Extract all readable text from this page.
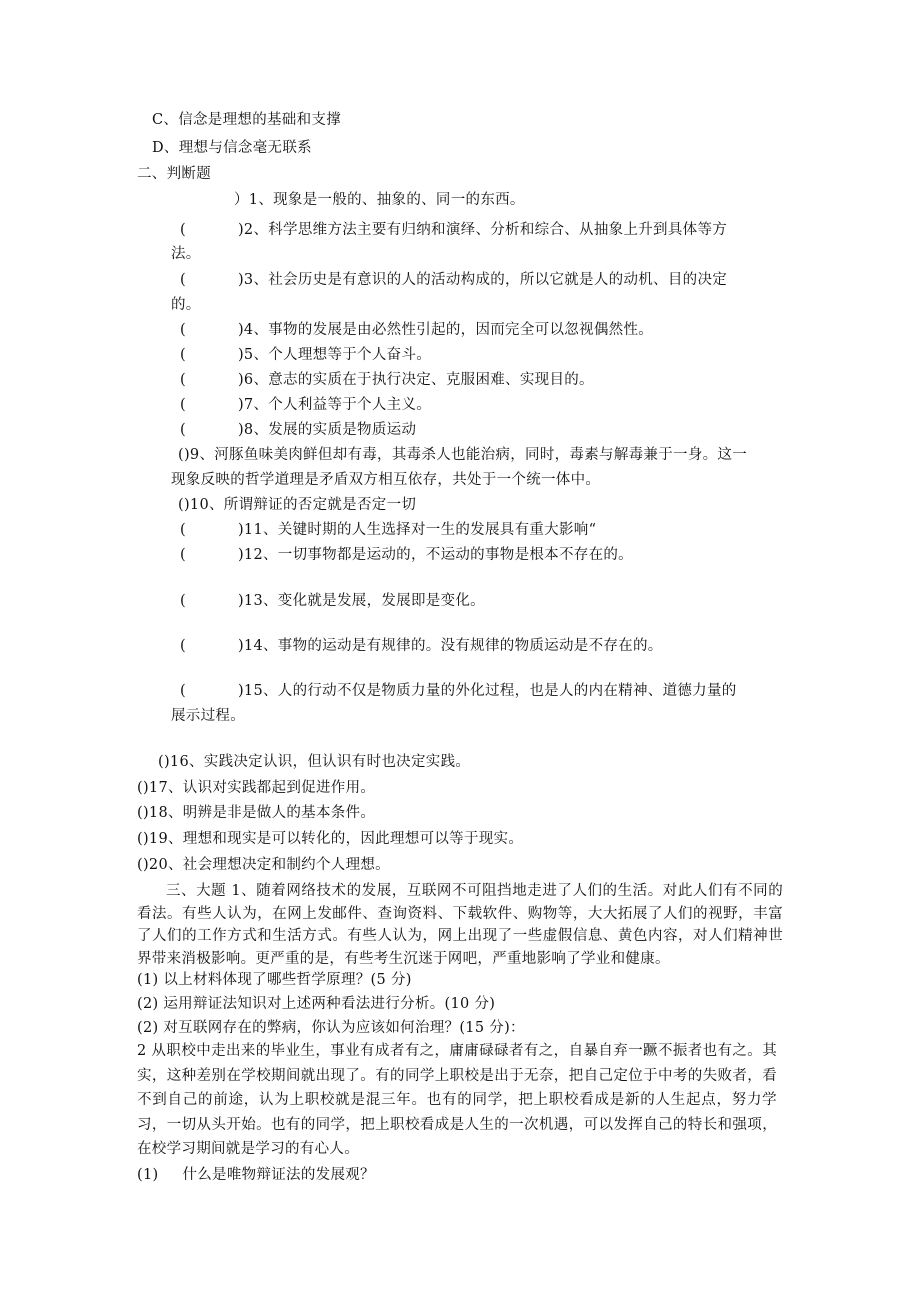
C、信念是理想的基础和支撑
D、理想与信念毫无联系
二、判断题
）1、现象是一般的、抽象的、同一的东西。
(	)2、科学思维方法主要有归纳和演绎、分析和综合、从抽象上升到具体等方
法。
(	)3、社会历史是有意识的人的活动构成的，所以它就是人的动机、目的决定
的。
(	)4、事物的发展是由必然性引起的，因而完全可以忽视偶然性。
(	)5、个人理想等于个人奋斗。
(	)6、意志的实质在于执行决定、克服困难、实现目的。
(	)7、个人利益等于个人主义。
(	)8、发展的实质是物质运动
()9、河豚鱼味美肉鲜但却有毒，其毒杀人也能治病，同时，毒素与解毒兼于一身。这一
现象反映的哲学道理是矛盾双方相互依存，共处于一个统一体中。
()10、所谓辩证的否定就是否定一切
(	)11、关键时期的人生选择对一生的发展具有重大影响“
(	)12、一切事物都是运动的，不运动的事物是根本不存在的。
(	)13、变化就是发展，发展即是变化。
(	)14、事物的运动是有规律的。没有规律的物质运动是不存在的。
(	)15、人的行动不仅是物质力量的外化过程，也是人的内在精神、道德力量的
展示过程。
()16、实践决定认识，但认识有时也决定实践。
()17、认识对实践都起到促进作用。
()18、明辨是非是做人的基本条件。
()19、理想和现实是可以转化的，因此理想可以等于现实。
()20、社会理想决定和制约个人理想。

三、大题 1、随着网络技术的发展，互联网不可阻挡地走进了人们的生活。对此人们有不同的看法。有些人认为，在网上发邮件、查询资料、下载软件、购物等，大大拓展了人们的视野，丰富了人们的工作方式和生活方式。有些人认为，网上出现了一些虚假信息、黄色内容，对人们精神世界带来消极影响。更严重的是，有些考生沉迷于网吧，严重地影响了学业和健康。

(1) 以上材料体现了哪些哲学原理？(5 分)
(2) 运用辩证法知识对上述两种看法进行分析。(10 分)
(2) 对互联网存在的弊病，你认为应该如何治理？(15 分)：

2 从职校中走出来的毕业生，事业有成者有之，庸庸碌碌者有之，自暴自弃一蹶不振者也有之。其实，这种差别在学校期间就出现了。有的同学上职校是出于无奈，把自己定位于中考的失败者，看不到自己的前途，认为上职校就是混三年。也有的同学，把上职校看成是新的人生起点，努力学习，一切从头开始。也有的同学，把上职校看成是人生的一次机遇，可以发挥自己的特长和强项，在校学习期间就是学习的有心人。

(1) 什么是唯物辩证法的发展观？
